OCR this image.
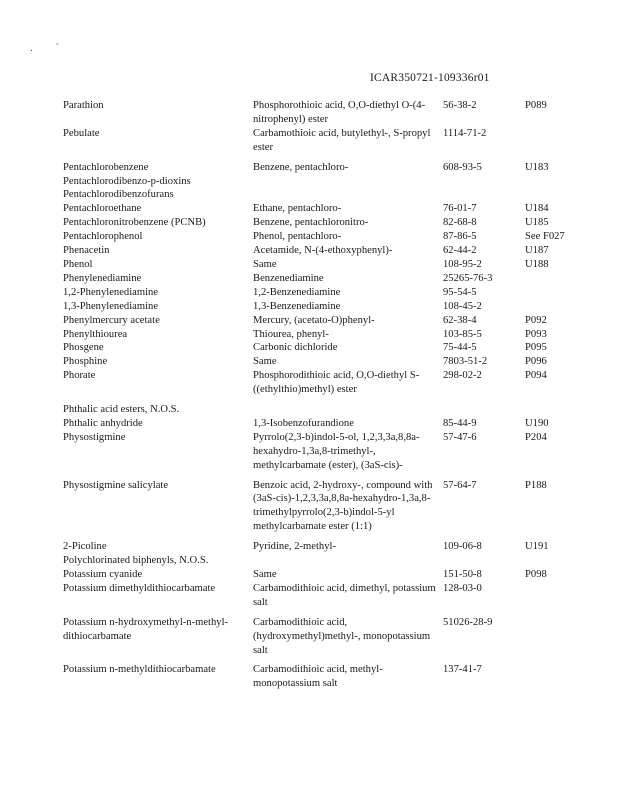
. `
ICAR350721-109336r01
Parathion	Phosphorothioic acid, O,O-diethyl O-(4-nitrophenyl) ester	56-38-2	P089
Pebulate	Carbamothioic acid, butylethyl-, S-propyl ester	1114-71-2	
Pentachlorobenzene	Benzene, pentachloro-	608-93-5	U183
Pentachlorodibenzo-p-dioxins			
Pentachlorodibenzofurans			
Pentachloroethane	Ethane, pentachloro-	76-01-7	U184
Pentachloronitrobenzene (PCNB)	Benzene, pentachloronitro-	82-68-8	U185
Pentachlorophenol	Phenol, pentachloro-	87-86-5	See F027
Phenacetin	Acetamide, N-(4-ethoxyphenyl)-	62-44-2	U187
Phenol	Same	108-95-2	U188
Phenylenediamine	Benzenediamine	25265-76-3	
1,2-Phenylenediamine	1,2-Benzenediamine	95-54-5	
1,3-Phenylenediamine	1,3-Benzenediamine	108-45-2	
Phenylmercury acetate	Mercury, (acetato-O)phenyl-	62-38-4	P092
Phenylthiourea	Thiourea, phenyl-	103-85-5	P093
Phosgene	Carbonic dichloride	75-44-5	P095
Phosphine	Same	7803-51-2	P096
Phorate	Phosphorodithioic acid, O,O-diethyl S-((ethylthio)methyl) ester	298-02-2	P094
Phthalic acid esters, N.O.S.			
Phthalic anhydride	1,3-Isobenzofurandione	85-44-9	U190
Physostigmine	Pyrrolo(2,3-b)indol-5-ol, 1,2,3,3a,8,8a-hexahydro-1,3a,8-trimethyl-, methylcarbamate (ester), (3aS-cis)-	57-47-6	P204
Physostigmine salicylate	Benzoic acid, 2-hydroxy-, compound with (3aS-cis)-1,2,3,3a,8,8a-hexahydro-1,3a,8-trimethylpyrrolo(2,3-b)indol-5-yl methylcarbamate ester (1:1)	57-64-7	P188
2-Picoline	Pyridine, 2-methyl-	109-06-8	U191
Polychlorinated biphenyls, N.O.S.			
Potassium cyanide	Same	151-50-8	P098
Potassium dimethyldithiocarbamate	Carbamodithioic acid, dimethyl, potassium salt	128-03-0	
Potassium n-hydroxymethyl-n-methyl-dithiocarbamate	Carbamodithioic acid, (hydroxymethyl)methyl-, monopotassium salt	51026-28-9	
Potassium n-methyldithiocarbamate	Carbamodithioic acid, methyl-monopotassium salt	137-41-7	
